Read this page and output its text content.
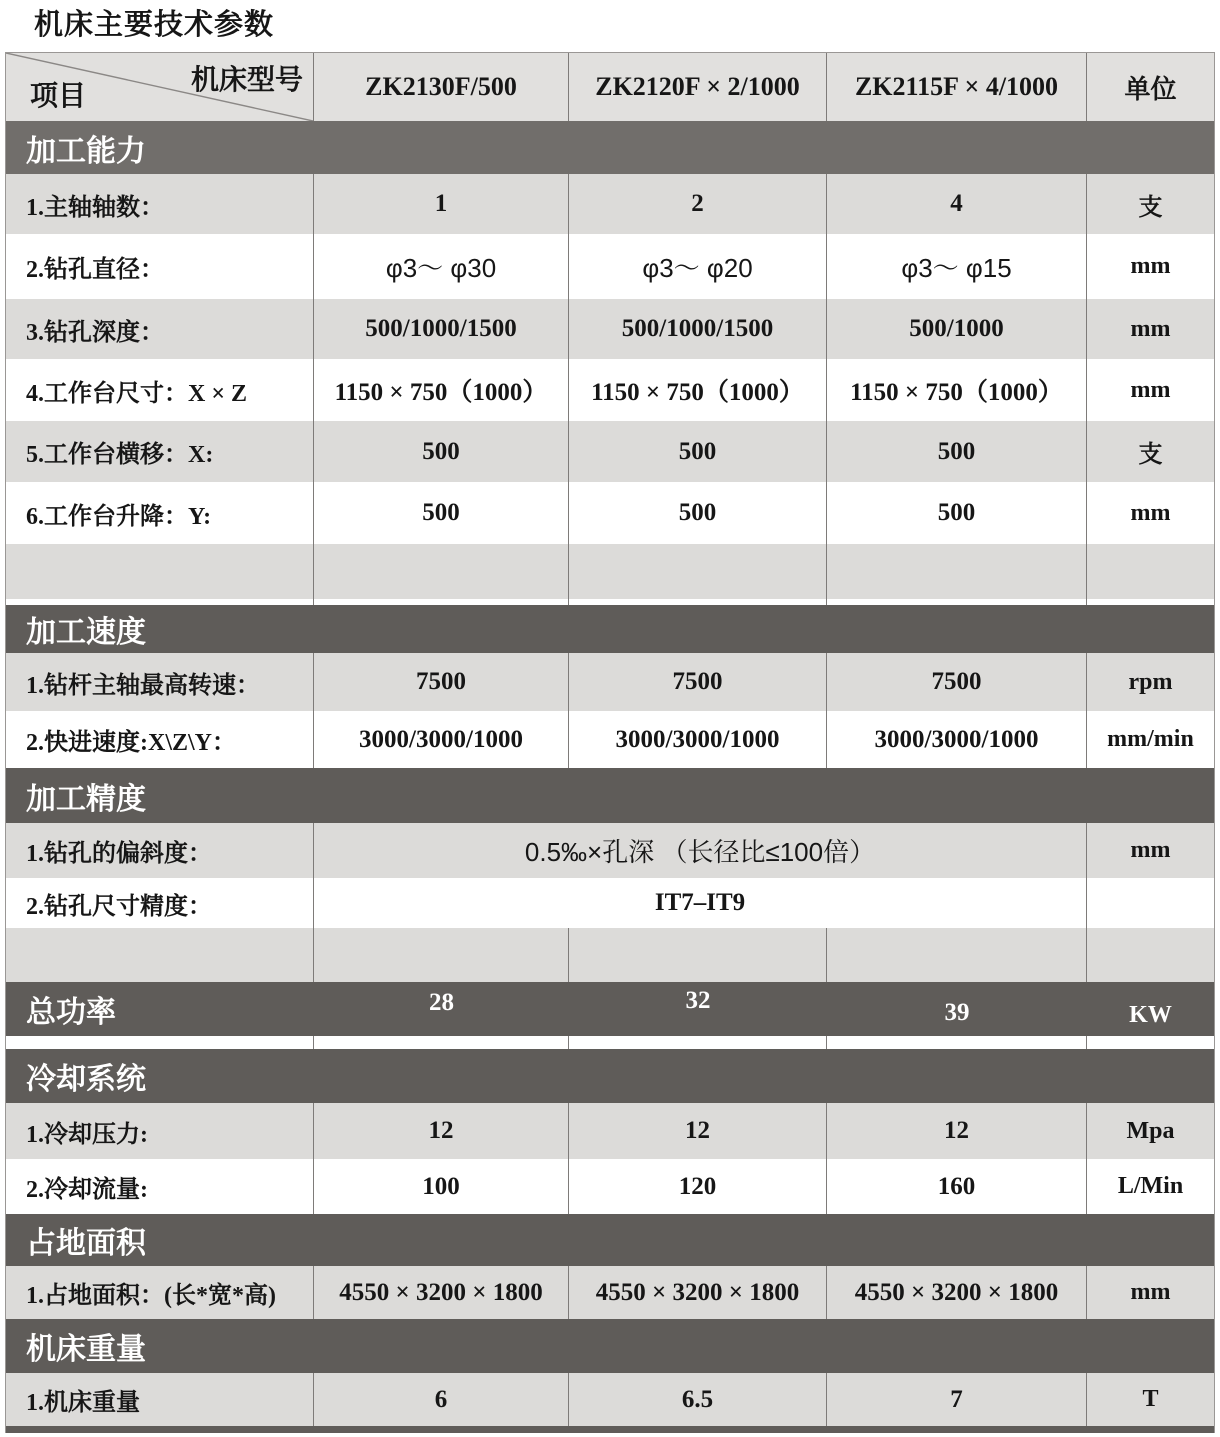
机床主要技术参数
机床型号
项目	ZK2130F/500	ZK2120F × 2/1000	ZK2115F × 4/1000	单位
加工能力
1.主轴轴数：	1	2	4	支
2.钻孔直径：	φ3～ φ30	φ3～ φ20	φ3～ φ15	mm
3.钻孔深度：	500/1000/1500	500/1000/1500	500/1000	mm
4.工作台尺寸：X × Z	1150 × 750（1000）	1150 × 750（1000）	1150 × 750（1000）	mm
5.工作台横移：X:	500	500	500	支
6.工作台升降：Y:	500	500	500	mm
加工速度
1.钻杆主轴最高转速：	7500	7500	7500	rpm
2.快进速度:X\Z\Y：	3000/3000/1000	3000/3000/1000	3000/3000/1000	mm/min
加工精度
1.钻孔的偏斜度：	0.5‰×孔深 （长径比≤100倍）	mm
2.钻孔尺寸精度：	IT7–IT9
总功率	28	32	39	KW
冷却系统
1.冷却压力:	12	12	12	Mpa
2.冷却流量:	100	120	160	L/Min
占地面积
1.占地面积：(长*宽*高)	4550 × 3200 × 1800	4550 × 3200 × 1800	4550 × 3200 × 1800	mm
机床重量
1.机床重量	6	6.5	7	T
